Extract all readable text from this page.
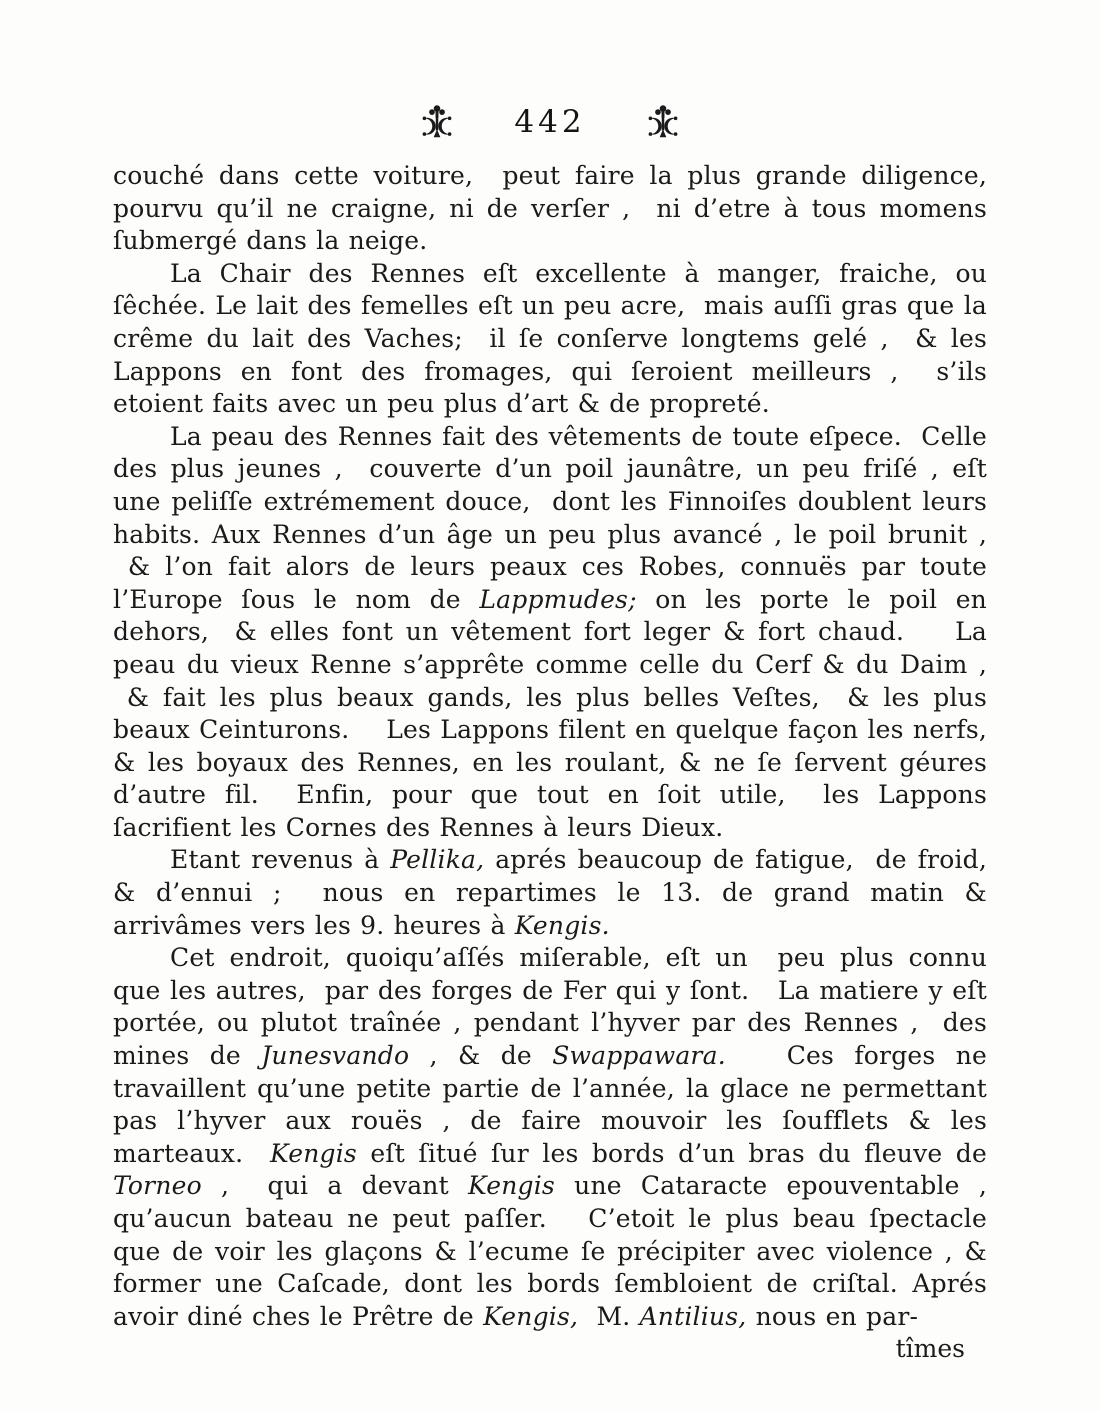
442

couché dans cette voiture,  peut faire la plus grande diligence, pourvu qu’il ne craigne, ni de verſer ,  ni d’etre à tous momens ſubmergé dans la neige.

La Chair des Rennes eſt excellente à manger, fraiche, ou ſêchée. Le lait des femelles eſt un peu acre,  mais auſſi gras que la crême du lait des Vaches;  il ſe conſerve longtems gelé ,  & les Lappons en font des fromages, qui ſeroient meilleurs ,  s’ils etoient faits avec un peu plus d’art & de propreté.

La peau des Rennes fait des vêtements de toute eſpece.  Celle des plus jeunes ,  couverte d’un poil jaunâtre, un peu friſé , eſt une peliſſe extrémement douce,  dont les Finnoiſes doublent leurs habits. Aux Rennes d’un âge un peu plus avancé , le poil brunit ,  & l’on fait alors de leurs peaux ces Robes, connuës par toute l’Europe ſous le nom de Lappmudes; on les porte le poil en dehors,  & elles font un vêtement fort leger & fort chaud.    La peau du vieux Renne s’apprête comme celle du Cerf & du Daim ,  & fait les plus beaux gands, les plus belles Veſtes,  & les plus beaux Ceinturons.    Les Lappons filent en quelque façon les nerfs, & les boyaux des Rennes, en les roulant, & ne ſe ſervent géures d’autre fil.  Enfin, pour que tout en ſoit utile,  les Lappons ſacrifient les Cornes des Rennes à leurs Dieux.

Etant revenus à Pellika, aprés beaucoup de fatigue,  de froid, & d’ennui ;  nous en repartimes le 13. de grand matin & arrivâmes vers les 9. heures à Kengis.

Cet endroit, quoiqu’aſſés miſerable, eſt un  peu plus connu que les autres,  par des forges de Fer qui y ſont.   La matiere y eſt portée, ou plutot traînée , pendant l’hyver par des Rennes ,  des mines de Junesvando , & de Swappawara.   Ces forges ne travaillent qu’une petite partie de l’année, la glace ne permettant pas l’hyver aux rouës , de faire mouvoir les ſoufflets & les marteaux.  Kengis eſt ſitué ſur les bords d’un bras du fleuve de Torneo ,  qui a devant Kengis une Cataracte epouventable , qu’aucun bateau ne peut paſſer.   C’etoit le plus beau ſpectacle que de voir les glaçons & l’ecume ſe précipiter avec violence , & former une Caſcade, dont les bords ſembloient de criſtal. Aprés avoir diné ches le Prêtre de Kengis,  M. Antilius, nous en par-

tîmes
